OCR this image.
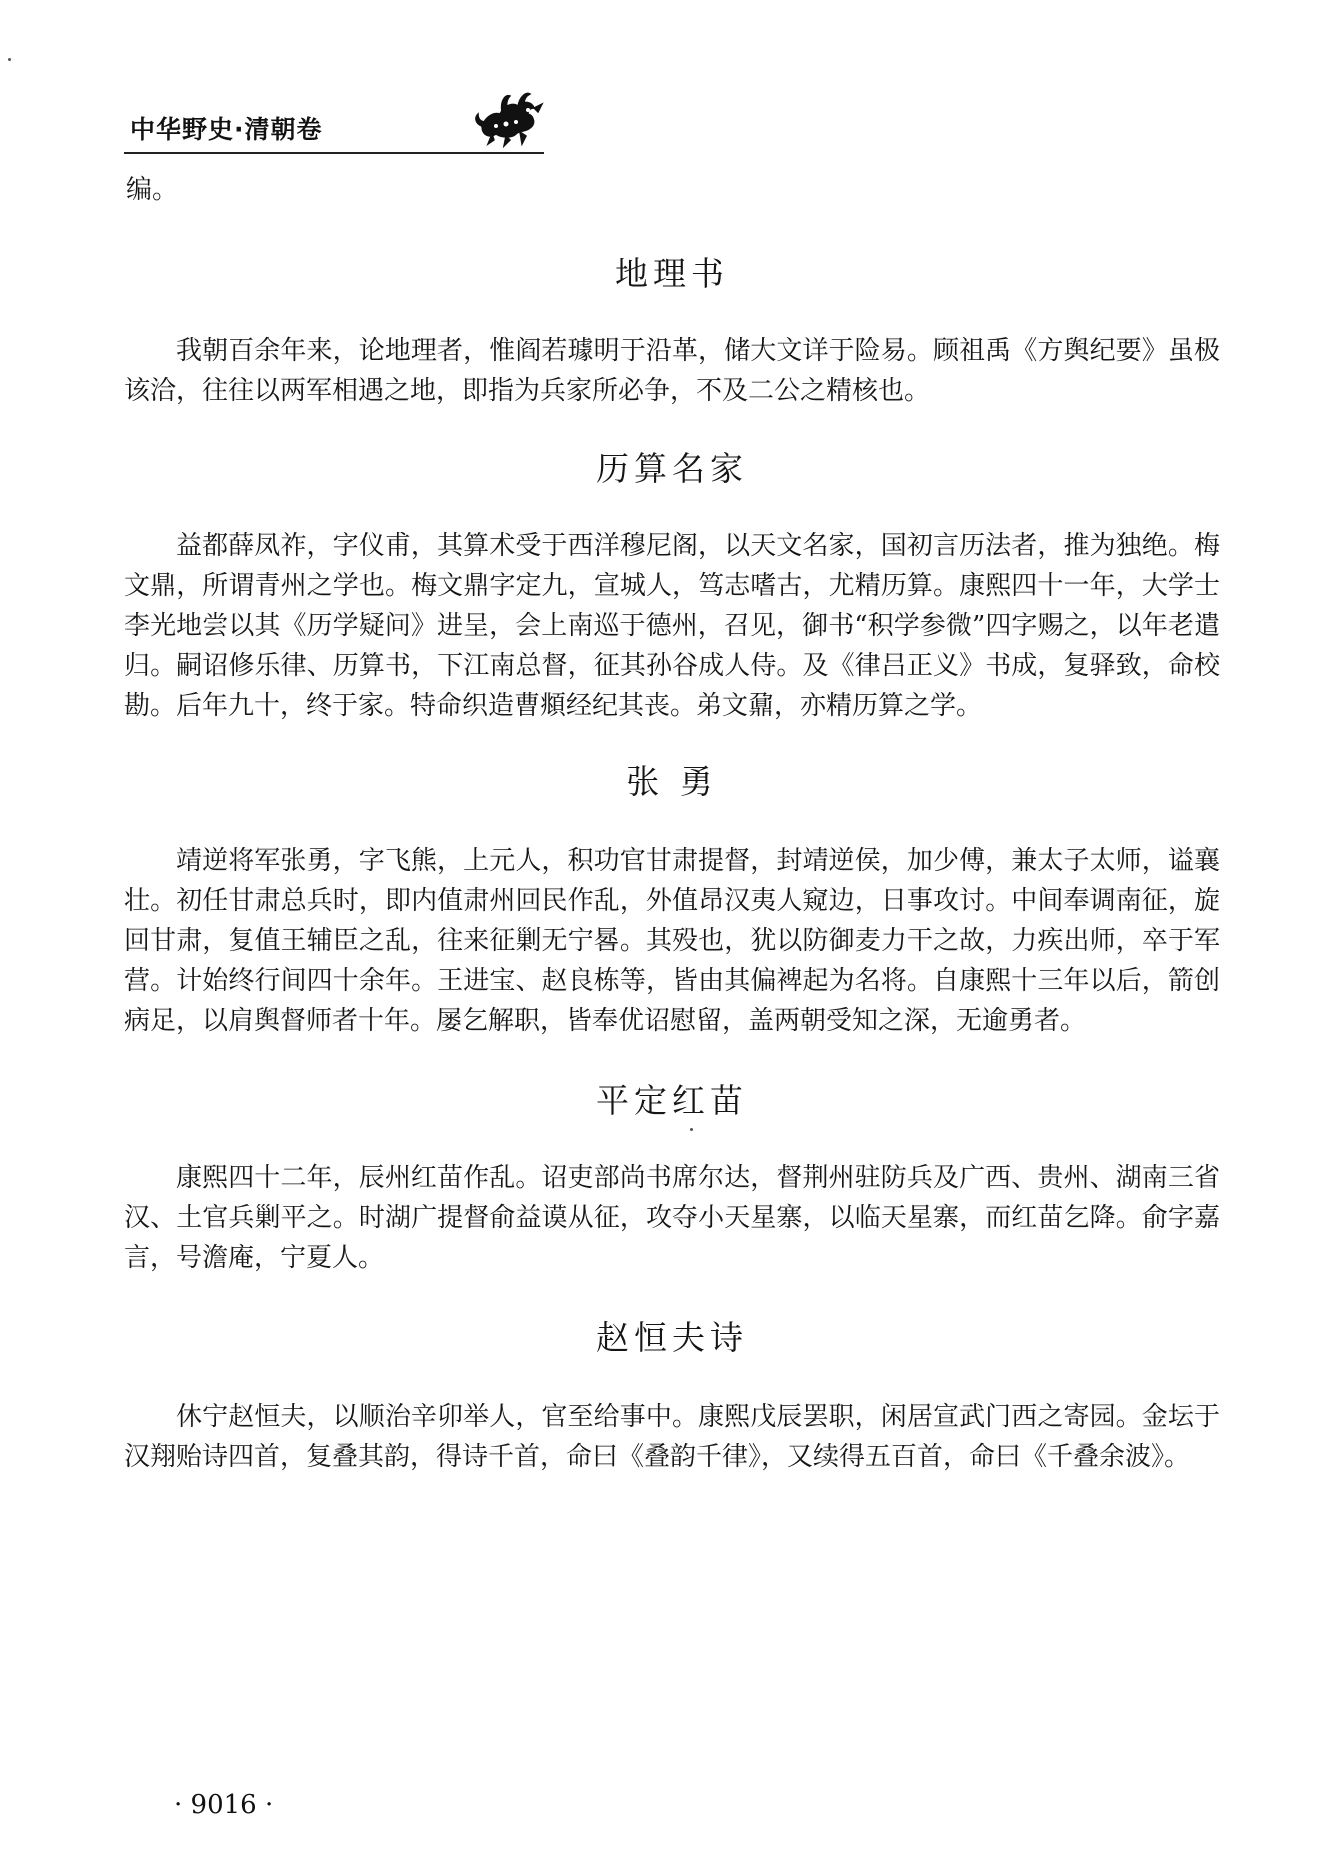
中华野史·清朝卷

编。

地理书

我朝百余年来，论地理者，惟阎若璩明于沿革，储大文详于险易。顾祖禹《方舆纪要》虽极该洽，往往以两军相遇之地，即指为兵家所必争，不及二公之精核也。

历算名家

益都薛凤祚，字仪甫，其算术受于西洋穆尼阁，以天文名家，国初言历法者，推为独绝。梅文鼎，所谓青州之学也。梅文鼎字定九，宣城人，笃志嗜古，尤精历算。康熙四十一年，大学士李光地尝以其《历学疑问》进呈，会上南巡于德州，召见，御书“积学参微”四字赐之，以年老遣归。嗣诏修乐律、历算书，下江南总督，征其孙谷成人侍。及《律吕正义》书成，复驿致，命校勘。后年九十，终于家。特命织造曹頫经纪其丧。弟文鼐，亦精历算之学。

张 勇

靖逆将军张勇，字飞熊，上元人，积功官甘肃提督，封靖逆侯，加少傅，兼太子太师，谥襄壮。初任甘肃总兵时，即内值肃州回民作乱，外值昂汉夷人窥边，日事攻讨。中间奉调南征，旋回甘肃，复值王辅臣之乱，往来征剿无宁晷。其殁也，犹以防御麦力干之故，力疾出师，卒于军营。计始终行间四十余年。王进宝、赵良栋等，皆由其偏裨起为名将。自康熙十三年以后，箭创病足，以肩舆督师者十年。屡乞解职，皆奉优诏慰留，盖两朝受知之深，无逾勇者。

平定红苗

康熙四十二年，辰州红苗作乱。诏吏部尚书席尔达，督荆州驻防兵及广西、贵州、湖南三省汉、土官兵剿平之。时湖广提督俞益谟从征，攻夺小天星寨，以临天星寨，而红苗乞降。俞字嘉言，号澹庵，宁夏人。

赵恒夫诗

休宁赵恒夫，以顺治辛卯举人，官至给事中。康熙戊辰罢职，闲居宣武门西之寄园。金坛于汉翔贻诗四首，复叠其韵，得诗千首，命曰《叠韵千律》，又续得五百首，命曰《千叠余波》。

· 9016 ·
